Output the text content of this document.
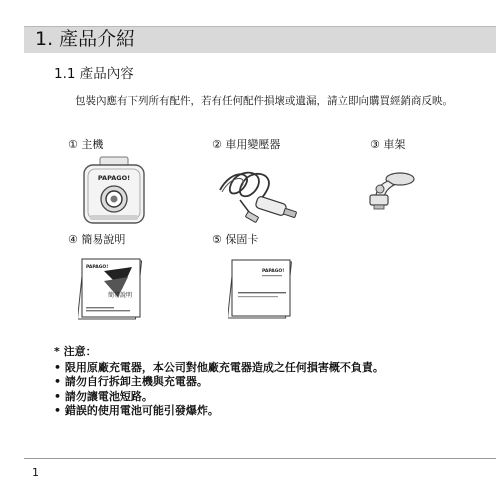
1. 產品介紹
1.1 產品內容
包裝內應有下列所有配件，若有任何配件損壞或遺漏，請立即向購買經銷商反映。
① 主機	② 車用變壓器	③ 車架
PAPAGO!
④ 簡易說明	⑤ 保固卡
PAPAGO!
簡易說明
PAPAGO!
* 注意：
• 限用原廠充電器，本公司對他廠充電器造成之任何損害概不負責。
• 請勿自行拆卸主機與充電器。
• 請勿讓電池短路。
• 錯誤的使用電池可能引發爆炸。
1
